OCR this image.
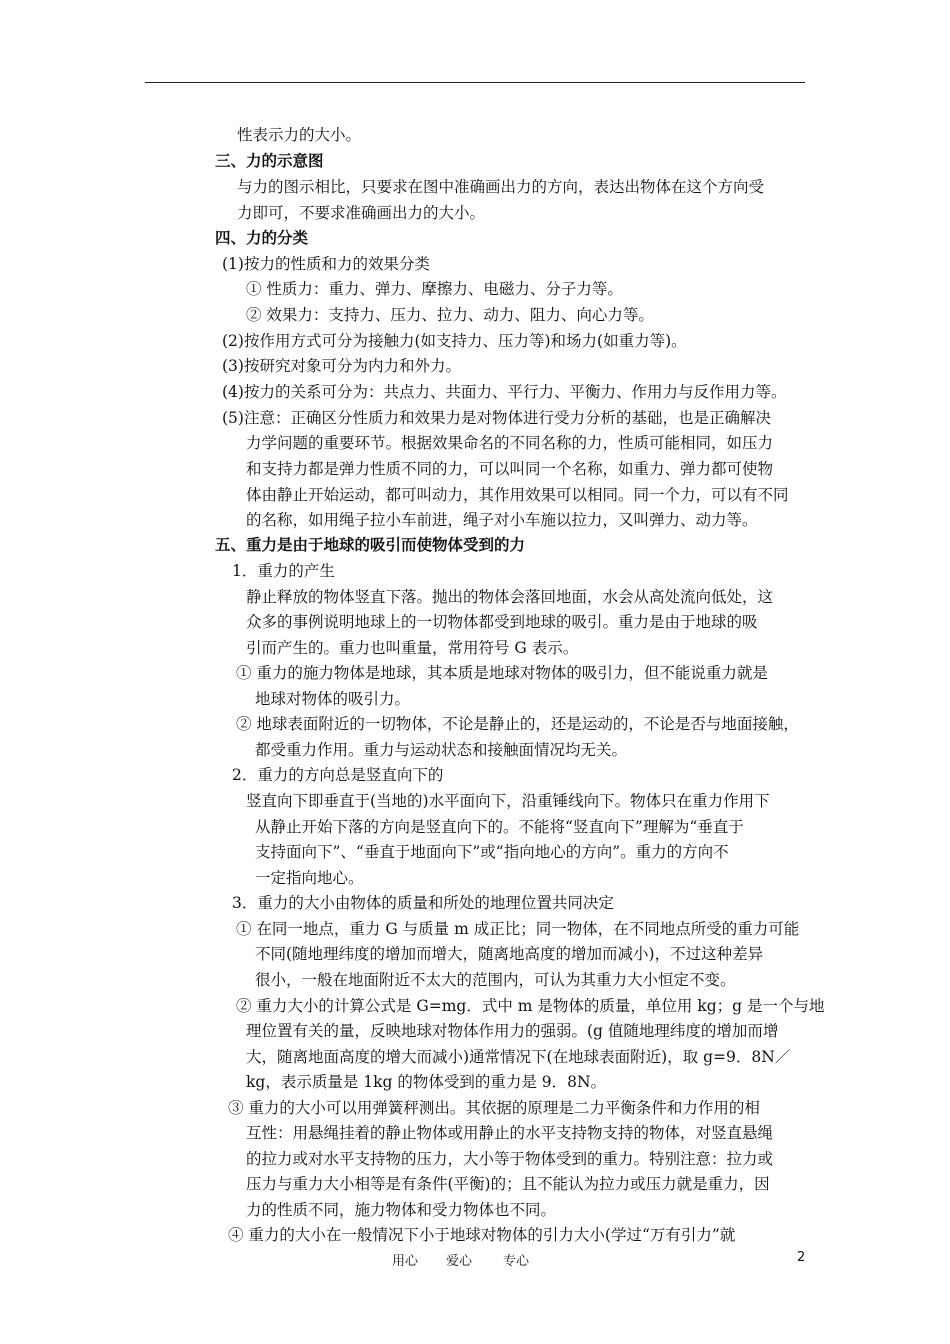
性表示力的大小。
三、力的示意图
与力的图示相比，只要求在图中准确画出力的方向，表达出物体在这个方向受
力即可，不要求准确画出力的大小。
四、力的分类
(1)按力的性质和力的效果分类
① 性质力：重力、弹力、摩擦力、电磁力、分子力等。
② 效果力：支持力、压力、拉力、动力、阻力、向心力等。
(2)按作用方式可分为接触力(如支持力、压力等)和场力(如重力等)。
(3)按研究对象可分为内力和外力。
(4)按力的关系可分为：共点力、共面力、平行力、平衡力、作用力与反作用力等。
(5)注意：正确区分性质力和效果力是对物体进行受力分析的基础，也是正确解决
力学问题的重要环节。根据效果命名的不同名称的力，性质可能相同，如压力
和支持力都是弹力性质不同的力，可以叫同一个名称，如重力、弹力都可使物
体由静止开始运动，都可叫动力，其作用效果可以相同。同一个力，可以有不同
的名称，如用绳子拉小车前进，绳子对小车施以拉力，又叫弹力、动力等。
五、重力是由于地球的吸引而使物体受到的力
1．重力的产生
静止释放的物体竖直下落。抛出的物体会落回地面，水会从高处流向低处，这
众多的事例说明地球上的一切物体都受到地球的吸引。重力是由于地球的吸
引而产生的。重力也叫重量，常用符号 G 表示。
① 重力的施力物体是地球，其本质是地球对物体的吸引力，但不能说重力就是
地球对物体的吸引力。
② 地球表面附近的一切物体，不论是静止的，还是运动的，不论是否与地面接触，
都受重力作用。重力与运动状态和接触面情况均无关。
2．重力的方向总是竖直向下的
竖直向下即垂直于(当地的)水平面向下，沿重锤线向下。物体只在重力作用下
从静止开始下落的方向是竖直向下的。不能将“竖直向下”理解为“垂直于
支持面向下”、“垂直于地面向下”或“指向地心的方向”。重力的方向不
一定指向地心。
3．重力的大小由物体的质量和所处的地理位置共同决定
① 在同一地点，重力 G 与质量 m 成正比；同一物体，在不同地点所受的重力可能
不同(随地理纬度的增加而增大，随离地高度的增加而减小)，不过这种差异
很小，一般在地面附近不太大的范围内，可认为其重力大小恒定不变。
② 重力大小的计算公式是 G=mg．式中 m 是物体的质量，单位用 kg；g 是一个与地
理位置有关的量，反映地球对物体作用力的强弱。(g 值随地理纬度的增加而增
大，随离地面高度的增大而减小)通常情况下(在地球表面附近)，取 g=9．8N／
kg，表示质量是 1kg 的物体受到的重力是 9．8N。
③ 重力的大小可以用弹簧秤测出。其依据的原理是二力平衡条件和力作用的相
互性：用悬绳挂着的静止物体或用静止的水平支持物支持的物体，对竖直悬绳
的拉力或对水平支持物的压力，大小等于物体受到的重力。特别注意：拉力或
压力与重力大小相等是有条件(平衡)的；且不能认为拉力或压力就是重力，因
力的性质不同，施力物体和受力物体也不同。
④ 重力的大小在一般情况下小于地球对物体的引力大小(学过“万有引力”就
用心 爱心 专心	2
